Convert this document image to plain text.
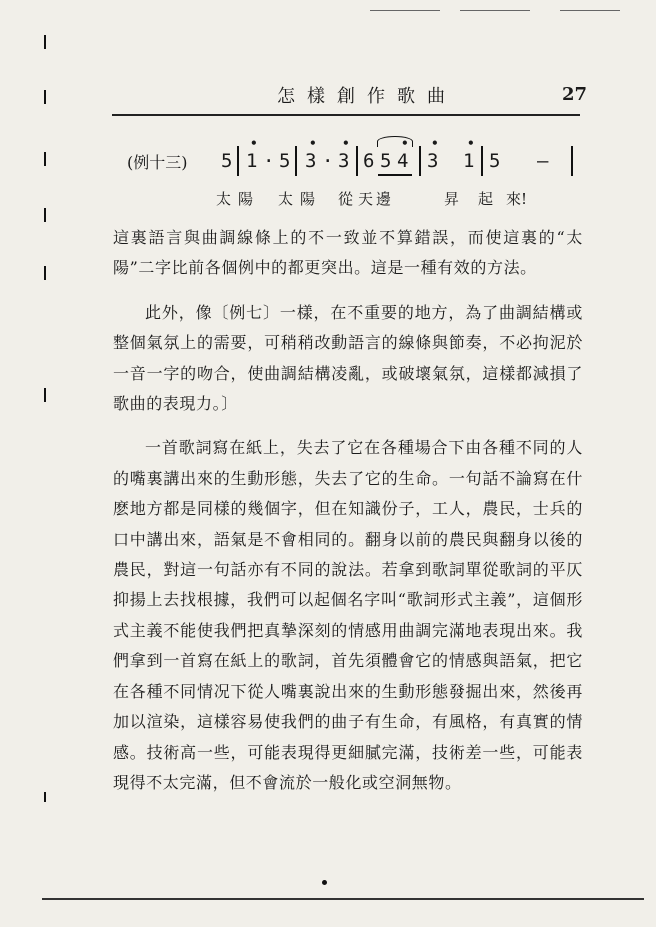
怎樣創作歌曲	27
(例十三) 5 1
•
· 5 3
•
· 3
•
6 5 4
•
3
•
1
•
5 —
太 陽 太 陽 從 天 邊	昇 起 來!

這裏語言與曲調線條上的不一致並不算錯誤，而使這裏的“太陽”二字比前各個例中的都更突出。這是一種有效的方法。

此外，像〔例七〕一樣，在不重要的地方，為了曲調結構或整個氣氛上的需要，可稍稍改動語言的線條與節奏，不必拘泥於一音一字的吻合，使曲調結構凌亂，或破壞氣氛，這樣都減損了歌曲的表現力。〕

一首歌詞寫在紙上，失去了它在各種場合下由各種不同的人的嘴裏講出來的生動形態，失去了它的生命。一句話不論寫在什麽地方都是同樣的幾個字，但在知識份子，工人，農民，士兵的口中講出來，語氣是不會相同的。翻身以前的農民與翻身以後的農民，對這一句話亦有不同的說法。若拿到歌詞單從歌詞的平仄抑揚上去找根據，我們可以起個名字叫“歌詞形式主義”，這個形式主義不能使我們把真摯深刻的情感用曲調完滿地表現出來。我們拿到一首寫在紙上的歌詞，首先須體會它的情感與語氣，把它在各種不同情况下從人嘴裏說出來的生動形態發掘出來，然後再加以渲染，這樣容易使我們的曲子有生命，有風格，有真實的情感。技術高一些，可能表現得更細膩完滿，技術差一些，可能表現得不太完滿，但不會流於一般化或空洞無物。
